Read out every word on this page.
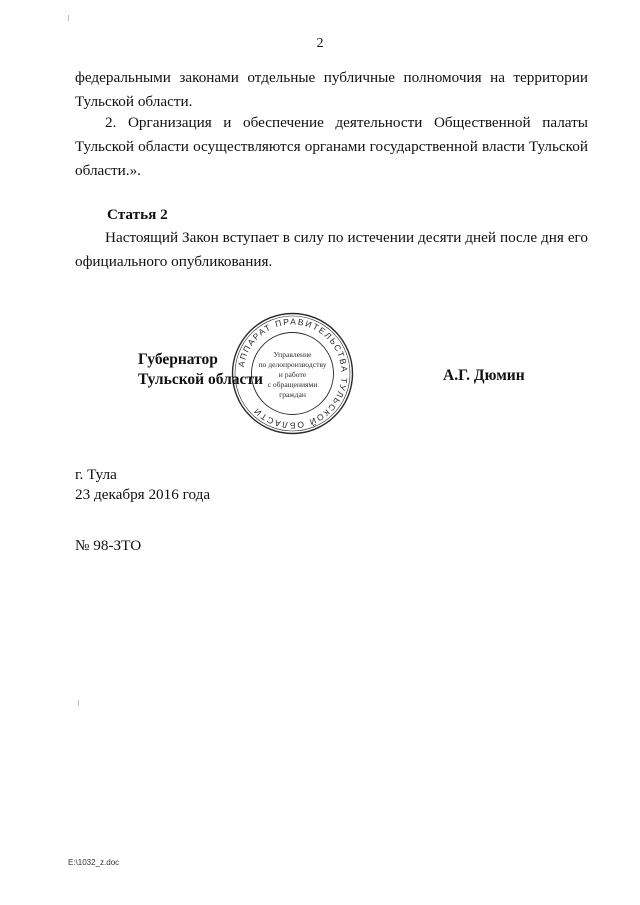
2
федеральными законами отдельные публичные полномочия на территории
Тульской области.
2. Организация и обеспечение деятельности Общественной палаты
Тульской области осуществляются органами государственной власти Тульской
области.».
Статья 2
Настоящий Закон вступает в силу по истечении десяти дней после дня его
официального опубликования.
АППАРАТ ПРАВИТЕЛЬСТВА ТУЛЬСКОЙ ОБЛАСТИ
Управление
по делопроизводству
и работе
с обращениями
граждан
Губернатор
Тульской области	А.Г. Дюмин
г. Тула
23 декабря 2016 года
№ 98-ЗТО
E:\1032_z.doc
